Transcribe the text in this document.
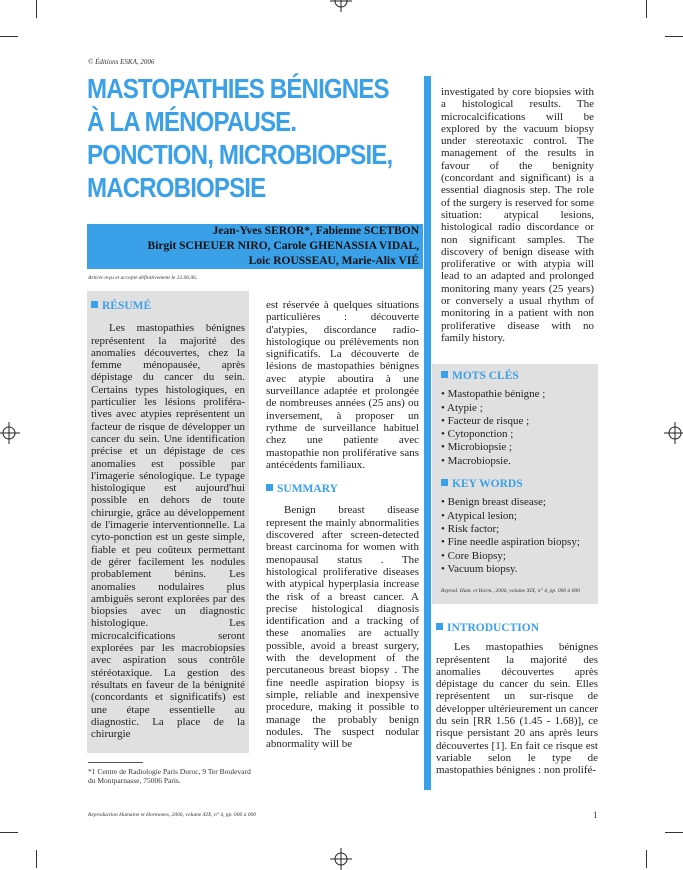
© Éditions ESKA, 2006
MASTOPATHIES BÉNIGNES
À LA MÉNOPAUSE.
PONCTION, MICROBIOPSIE,
MACROBIOPSIE
Jean-Yves SEROR*, Fabienne SCETBON
Birgit SCHEUER NIRO, Carole GHENASSIA VIDAL,
Loic ROUSSEAU, Marie-Alix VIÉ
Article reçu et accepté définitivement le 12.06.06.
RÉSUMÉ

Les mastopathies bénignes représentent la majorité des anomalies découvertes, chez la femme ménopausée, après dépistage du cancer du sein. Certains types histologiques, en particulier les lésions prolifératives avec atypies représentent un facteur de risque de développer un cancer du sein. Une identification précise et un dépistage de ces anomalies est possible par l'imagerie sénologique. Le typage histologique est aujourd'hui possible en dehors de toute chirurgie, grâce au développement de l'imagerie interventionnelle. La cyto-ponction est un geste simple, fiable et peu coûteux permettant de gérer facilement les nodules probablement bénins. Les anomalies nodulaires plus ambiguës seront explorées par des biopsies avec un diagnostic histologique. Les microcalcifications seront explorées par les macrobiopsies avec aspiration sous contrôle stéréotaxique. La gestion des résultats en faveur de la bénignité (concordants et significatifs) est une étape essentielle au diagnostic. La place de la chirurgie

*1 Centre de Radiologie Paris Duroc, 9 Ter Boulevard du Montparnasse, 75006 Paris.

est réservée à quelques situations particulières : découverte d'atypies, discordance radio-histologique ou prélèvements non significatifs. La découverte de lésions de mastopathies bénignes avec atypie aboutira à une surveillance adaptée et prolongée de nombreuses années (25 ans) ou inversement, à proposer un rythme de surveillance habituel chez une patiente avec mastopathie non proliférative sans antécédents familiaux.

SUMMARY

Benign breast disease represent the mainly abnormalities discovered after screen-detected breast carcinoma for women with menopausal status . The histological proliferative diseases with atypical hyperplasia increase the risk of a breast cancer. A precise histological diagnosis identification and a tracking of these anomalies are actually possible, avoid a breast surgery, with the development of the percutaneous breast biopsy . The fine needle aspiration biopsy is simple, reliable and inexpensive procedure, making it possible to manage the probably benign nodules. The suspect nodular abnormality will be

investigated by core biopsies with a histological results. The microcalcifications will be explored by the vacuum biopsy under stereotaxic control. The management of the results in favour of the benignity (concordant and significant) is a essential diagnosis step. The role of the surgery is reserved for some situation: atypical lesions, histological radio discordance or non significant samples. The discovery of benign disease with proliferative or with atypia will lead to an adapted and prolonged monitoring many years (25 years) or conversely a usual rhythm of monitoring in a patient with non proliferative disease with no family history.

MOTS CLÉS
• Mastopathie bénigne ;
• Atypie ;
• Facteur de risque ;
• Cytoponction ;
• Microbiopsie ;
• Macrobiopsie.
KEY WORDS
• Benign breast disease;
• Atypical lesion;
• Risk factor;
• Fine needle aspiration biopsy;
• Core Biopsy;
• Vacuum biopsy.
Reprod. Hum. et Horm., 2006, volume XIX, n° 4, pp. 000 à 000
INTRODUCTION

Les mastopathies bénignes représentent la majorité des anomalies découvertes après dépistage du cancer du sein. Elles représentent un sur-risque de développer ultérieurement un cancer du sein [RR 1.56 (1.45 - 1.68)], ce risque persistant 20 ans après leurs découvertes [1]. En fait ce risque est variable selon le type de mastopathies bénignes : non prolifé-

Reproduction Humaine et Hormones, 2006, volume XIX, n° 4, pp. 000 à 000	1
